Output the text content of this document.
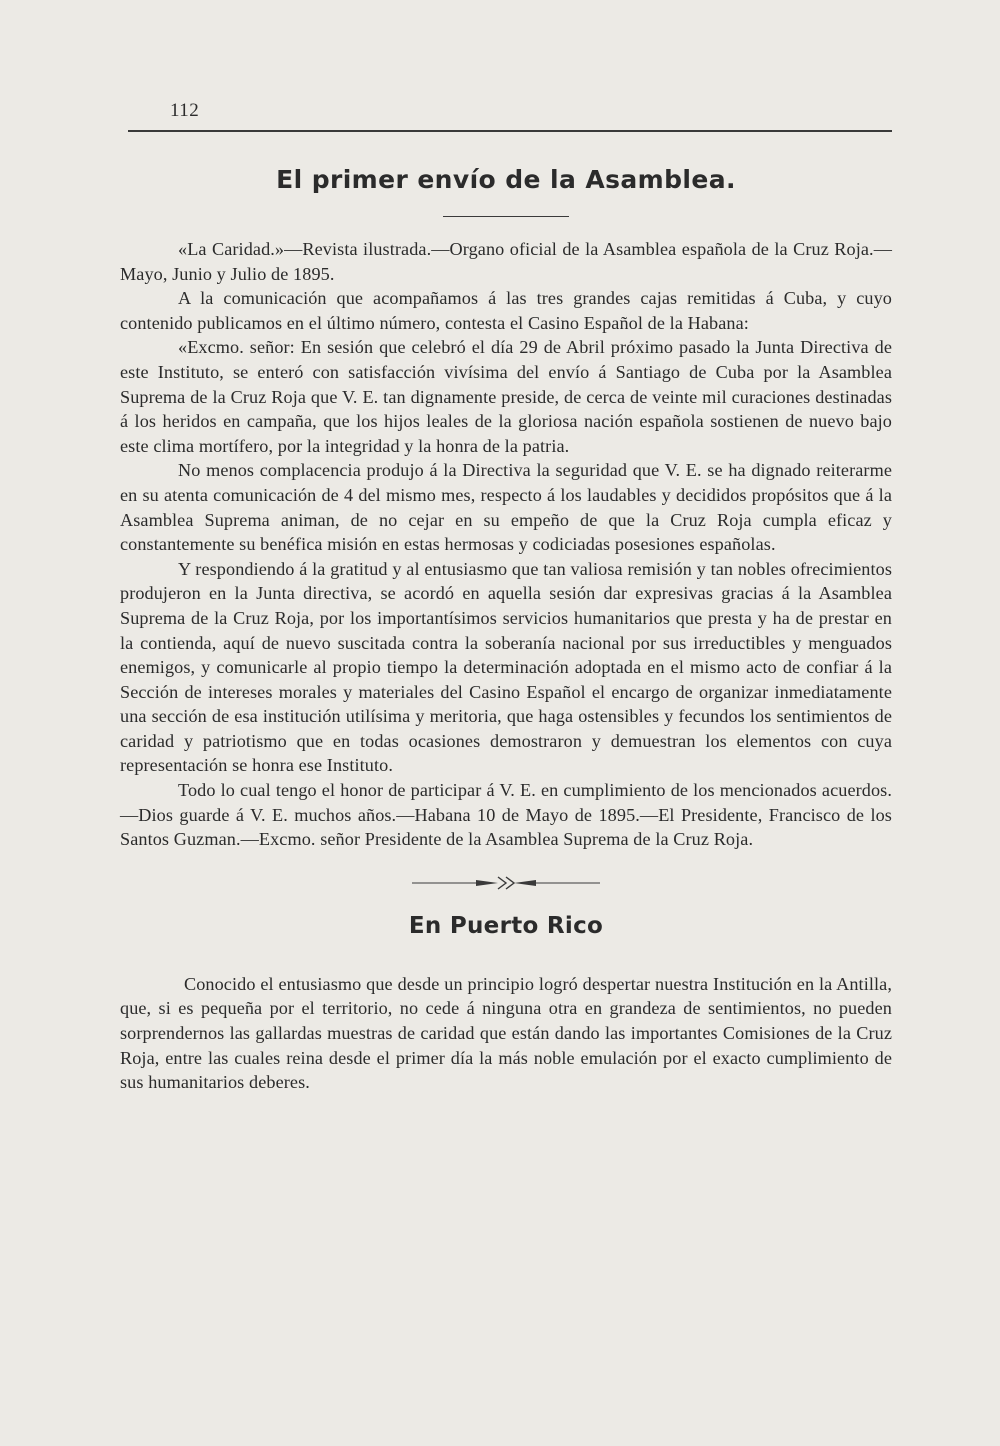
112
El primer envío de la Asamblea.

«La Caridad.»—Revista ilustrada.—Organo oficial de la Asamblea española de la Cruz Roja.—Mayo, Junio y Julio de 1895.

A la comunicación que acompañamos á las tres grandes cajas remitidas á Cuba, y cuyo contenido publicamos en el último número, contesta el Casino Español de la Habana:

«Excmo. señor: En sesión que celebró el día 29 de Abril próximo pasado la Junta Directiva de este Instituto, se enteró con satisfacción vivísima del envío á Santiago de Cuba por la Asamblea Suprema de la Cruz Roja que V. E. tan dignamente preside, de cerca de veinte mil curaciones destinadas á los heridos en campaña, que los hijos leales de la gloriosa nación española sostienen de nuevo bajo este clima mortífero, por la integridad y la honra de la patria.

No menos complacencia produjo á la Directiva la seguridad que V. E. se ha dignado reiterarme en su atenta comunicación de 4 del mismo mes, respecto á los laudables y decididos propósitos que á la Asamblea Suprema animan, de no cejar en su empeño de que la Cruz Roja cumpla eficaz y constantemente su benéfica misión en estas hermosas y codiciadas posesiones españolas.

Y respondiendo á la gratitud y al entusiasmo que tan valiosa remisión y tan nobles ofrecimientos produjeron en la Junta directiva, se acordó en aquella sesión dar expresivas gracias á la Asamblea Suprema de la Cruz Roja, por los importantísimos servicios humanitarios que presta y ha de prestar en la contienda, aquí de nuevo suscitada contra la soberanía nacional por sus irreductibles y menguados enemigos, y comunicarle al propio tiempo la determinación adoptada en el mismo acto de confiar á la Sección de intereses morales y materiales del Casino Español el encargo de organizar inmediatamente una sección de esa institución utilísima y meritoria, que haga ostensibles y fecundos los sentimientos de caridad y patriotismo que en todas ocasiones demostraron y demuestran los elementos con cuya representación se honra ese Instituto.

Todo lo cual tengo el honor de participar á V. E. en cumplimiento de los mencionados acuerdos.—Dios guarde á V. E. muchos años.—Habana 10 de Mayo de 1895.—El Presidente, Francisco de los Santos Guzman.—Excmo. señor Presidente de la Asamblea Suprema de la Cruz Roja.

En Puerto Rico

Conocido el entusiasmo que desde un principio logró despertar nuestra Institución en la Antilla, que, si es pequeña por el territorio, no cede á ninguna otra en grandeza de sentimientos, no pueden sorprendernos las gallardas muestras de caridad que están dando las importantes Comisiones de la Cruz Roja, entre las cuales reina desde el primer día la más noble emulación por el exacto cumplimiento de sus humanitarios deberes.
